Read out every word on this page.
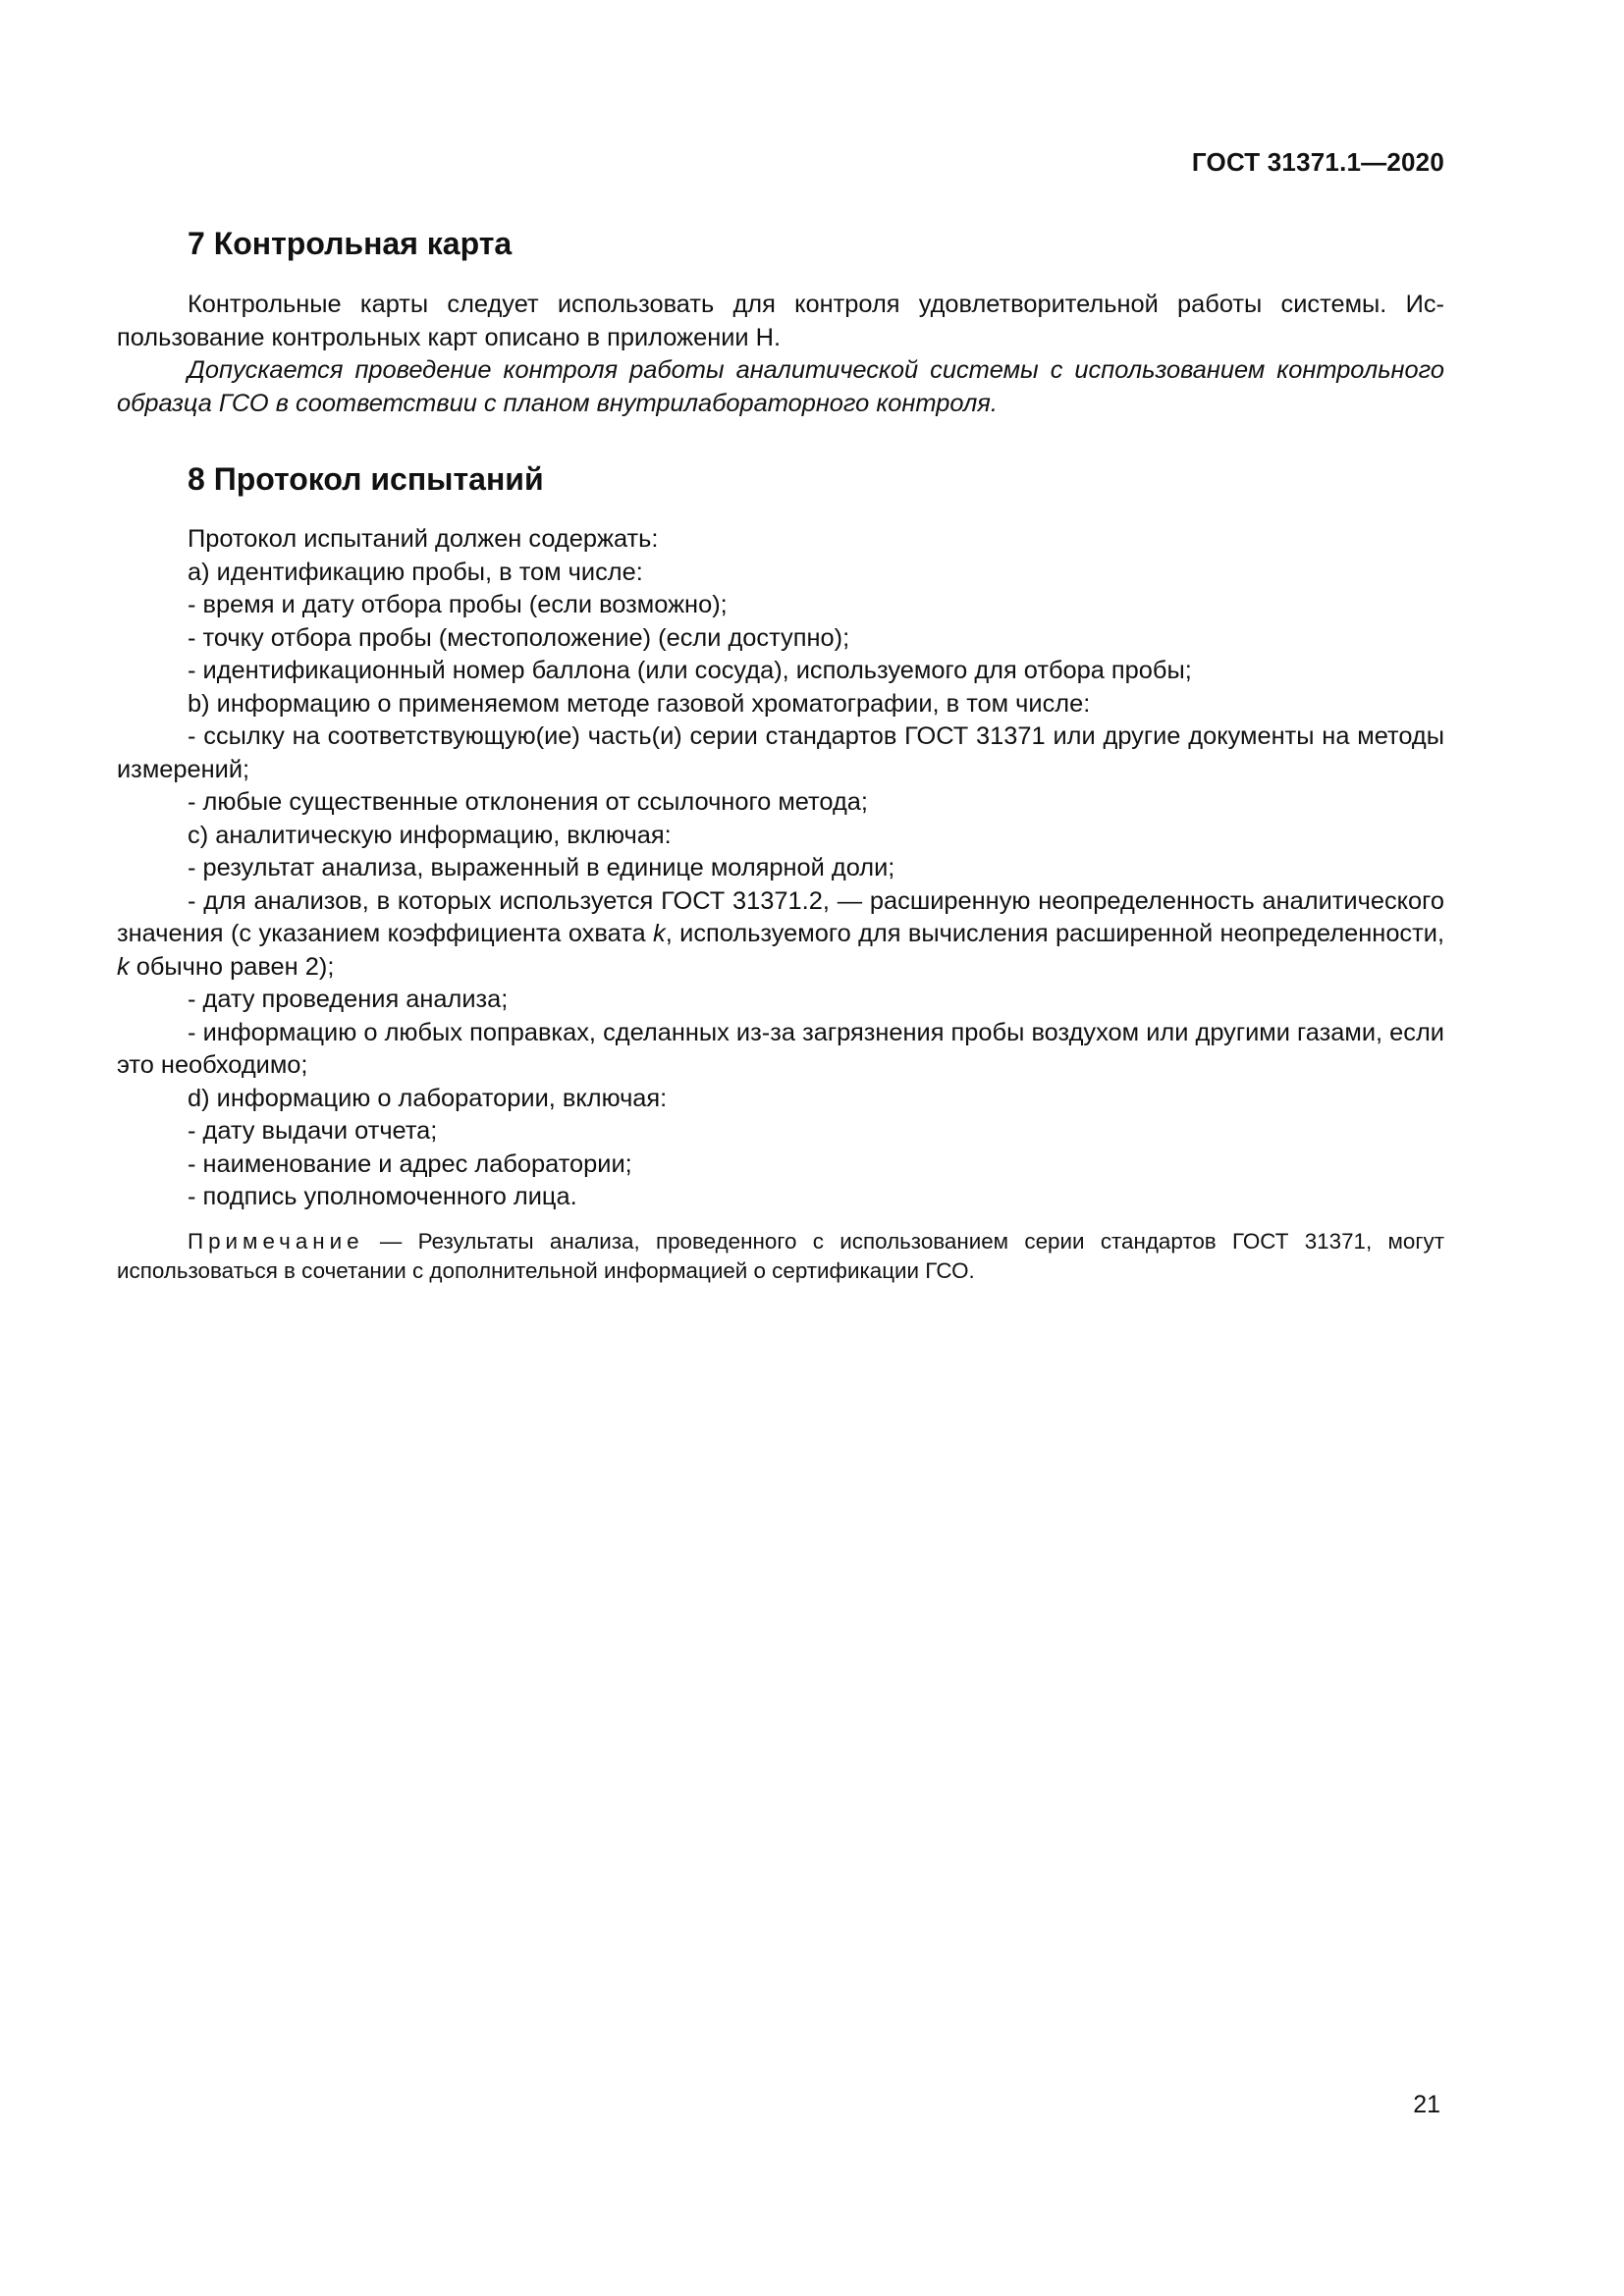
ГОСТ 31371.1—2020
7 Контрольная карта

Контрольные карты следует использовать для контроля удовлетворительной работы системы. Использование контрольных карт описано в приложении Н.

Допускается проведение контроля работы аналитической системы с использованием контрольного образца ГСО в соответствии с планом внутрилабораторного контроля.

8 Протокол испытаний

Протокол испытаний должен содержать:

a) идентификацию пробы, в том числе:

- время и дату отбора пробы (если возможно);

- точку отбора пробы (местоположение) (если доступно);

- идентификационный номер баллона (или сосуда), используемого для отбора пробы;

b) информацию о применяемом методе газовой хроматографии, в том числе:

- ссылку на соответствующую(ие) часть(и) серии стандартов ГОСТ 31371 или другие документы на методы измерений;

- любые существенные отклонения от ссылочного метода;

c) аналитическую информацию, включая:

- результат анализа, выраженный в единице молярной доли;

- для анализов, в которых используется ГОСТ 31371.2, — расширенную неопределенность аналитического значения (с указанием коэффициента охвата k, используемого для вычисления расширенной неопределенности, k обычно равен 2);

- дату проведения анализа;

- информацию о любых поправках, сделанных из-за загрязнения пробы воздухом или другими газами, если это необходимо;

d) информацию о лаборатории, включая:

- дату выдачи отчета;

- наименование и адрес лаборатории;

- подпись уполномоченного лица.

Примечание — Результаты анализа, проведенного с использованием серии стандартов ГОСТ 31371, могут использоваться в сочетании с дополнительной информацией о сертификации ГСО.

21
